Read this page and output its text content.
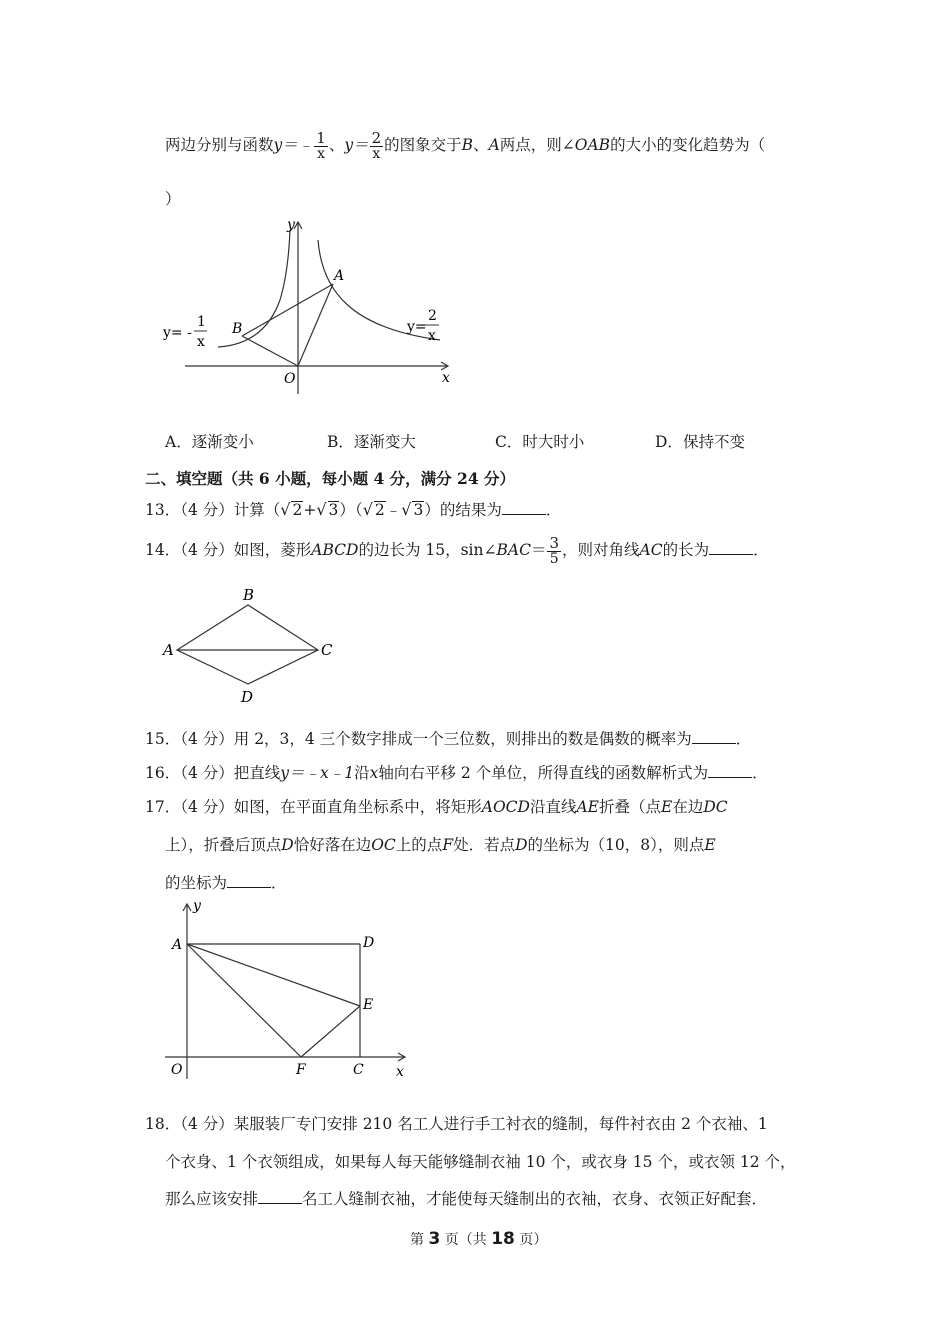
两边分别与函数y＝﹣ $\frac{1}{x}$ 、$y= \frac{2}{x}$ 的图象交于B、A两点，则∠OAB的大小的变化趋势为（
）
y
x
O
A
B
y= -
1
x
y=
2
x
A．逐渐变小	B．逐渐变大	C．时大时小	D．保持不变
二、填空题（共 6 小题，每小题 4 分，满分 24 分）
13．（4 分）计算（√ 2+√ 3）（√ 2﹣√ 3）的结果为	．
14．（4 分）如图，菱形ABCD的边长为 15，sin∠BAC＝ $\frac{3}{5}$ ，则对角线AC的长为	．
B
A	C
D
15．（4 分）用 2，3，4 三个数字排成一个三位数，则排出的数是偶数的概率为	．
16．（4 分）把直线y＝﹣x﹣1沿x轴向右平移 2 个单位，所得直线的函数解析式为	．
17．（4 分）如图，在平面直角坐标系中，将矩形AOCD沿直线AE折叠（点E在边DC
上），折叠后顶点D恰好落在边OC上的点F处．若点D的坐标为（10，8），则点E
的坐标为	．
y
A	D
E
O	F	C x
18．（4 分）某服装厂专门安排 210 名工人进行手工衬衣的缝制，每件衬衣由 2 个衣袖、1
个衣身、1 个衣领组成，如果每人每天能够缝制衣袖 10 个，或衣身 15 个，或衣领 12 个，
那么应该安排	名工人缝制衣袖，才能使每天缝制出的衣袖，衣身、衣领正好配套．
第 3 页（共 18 页）
